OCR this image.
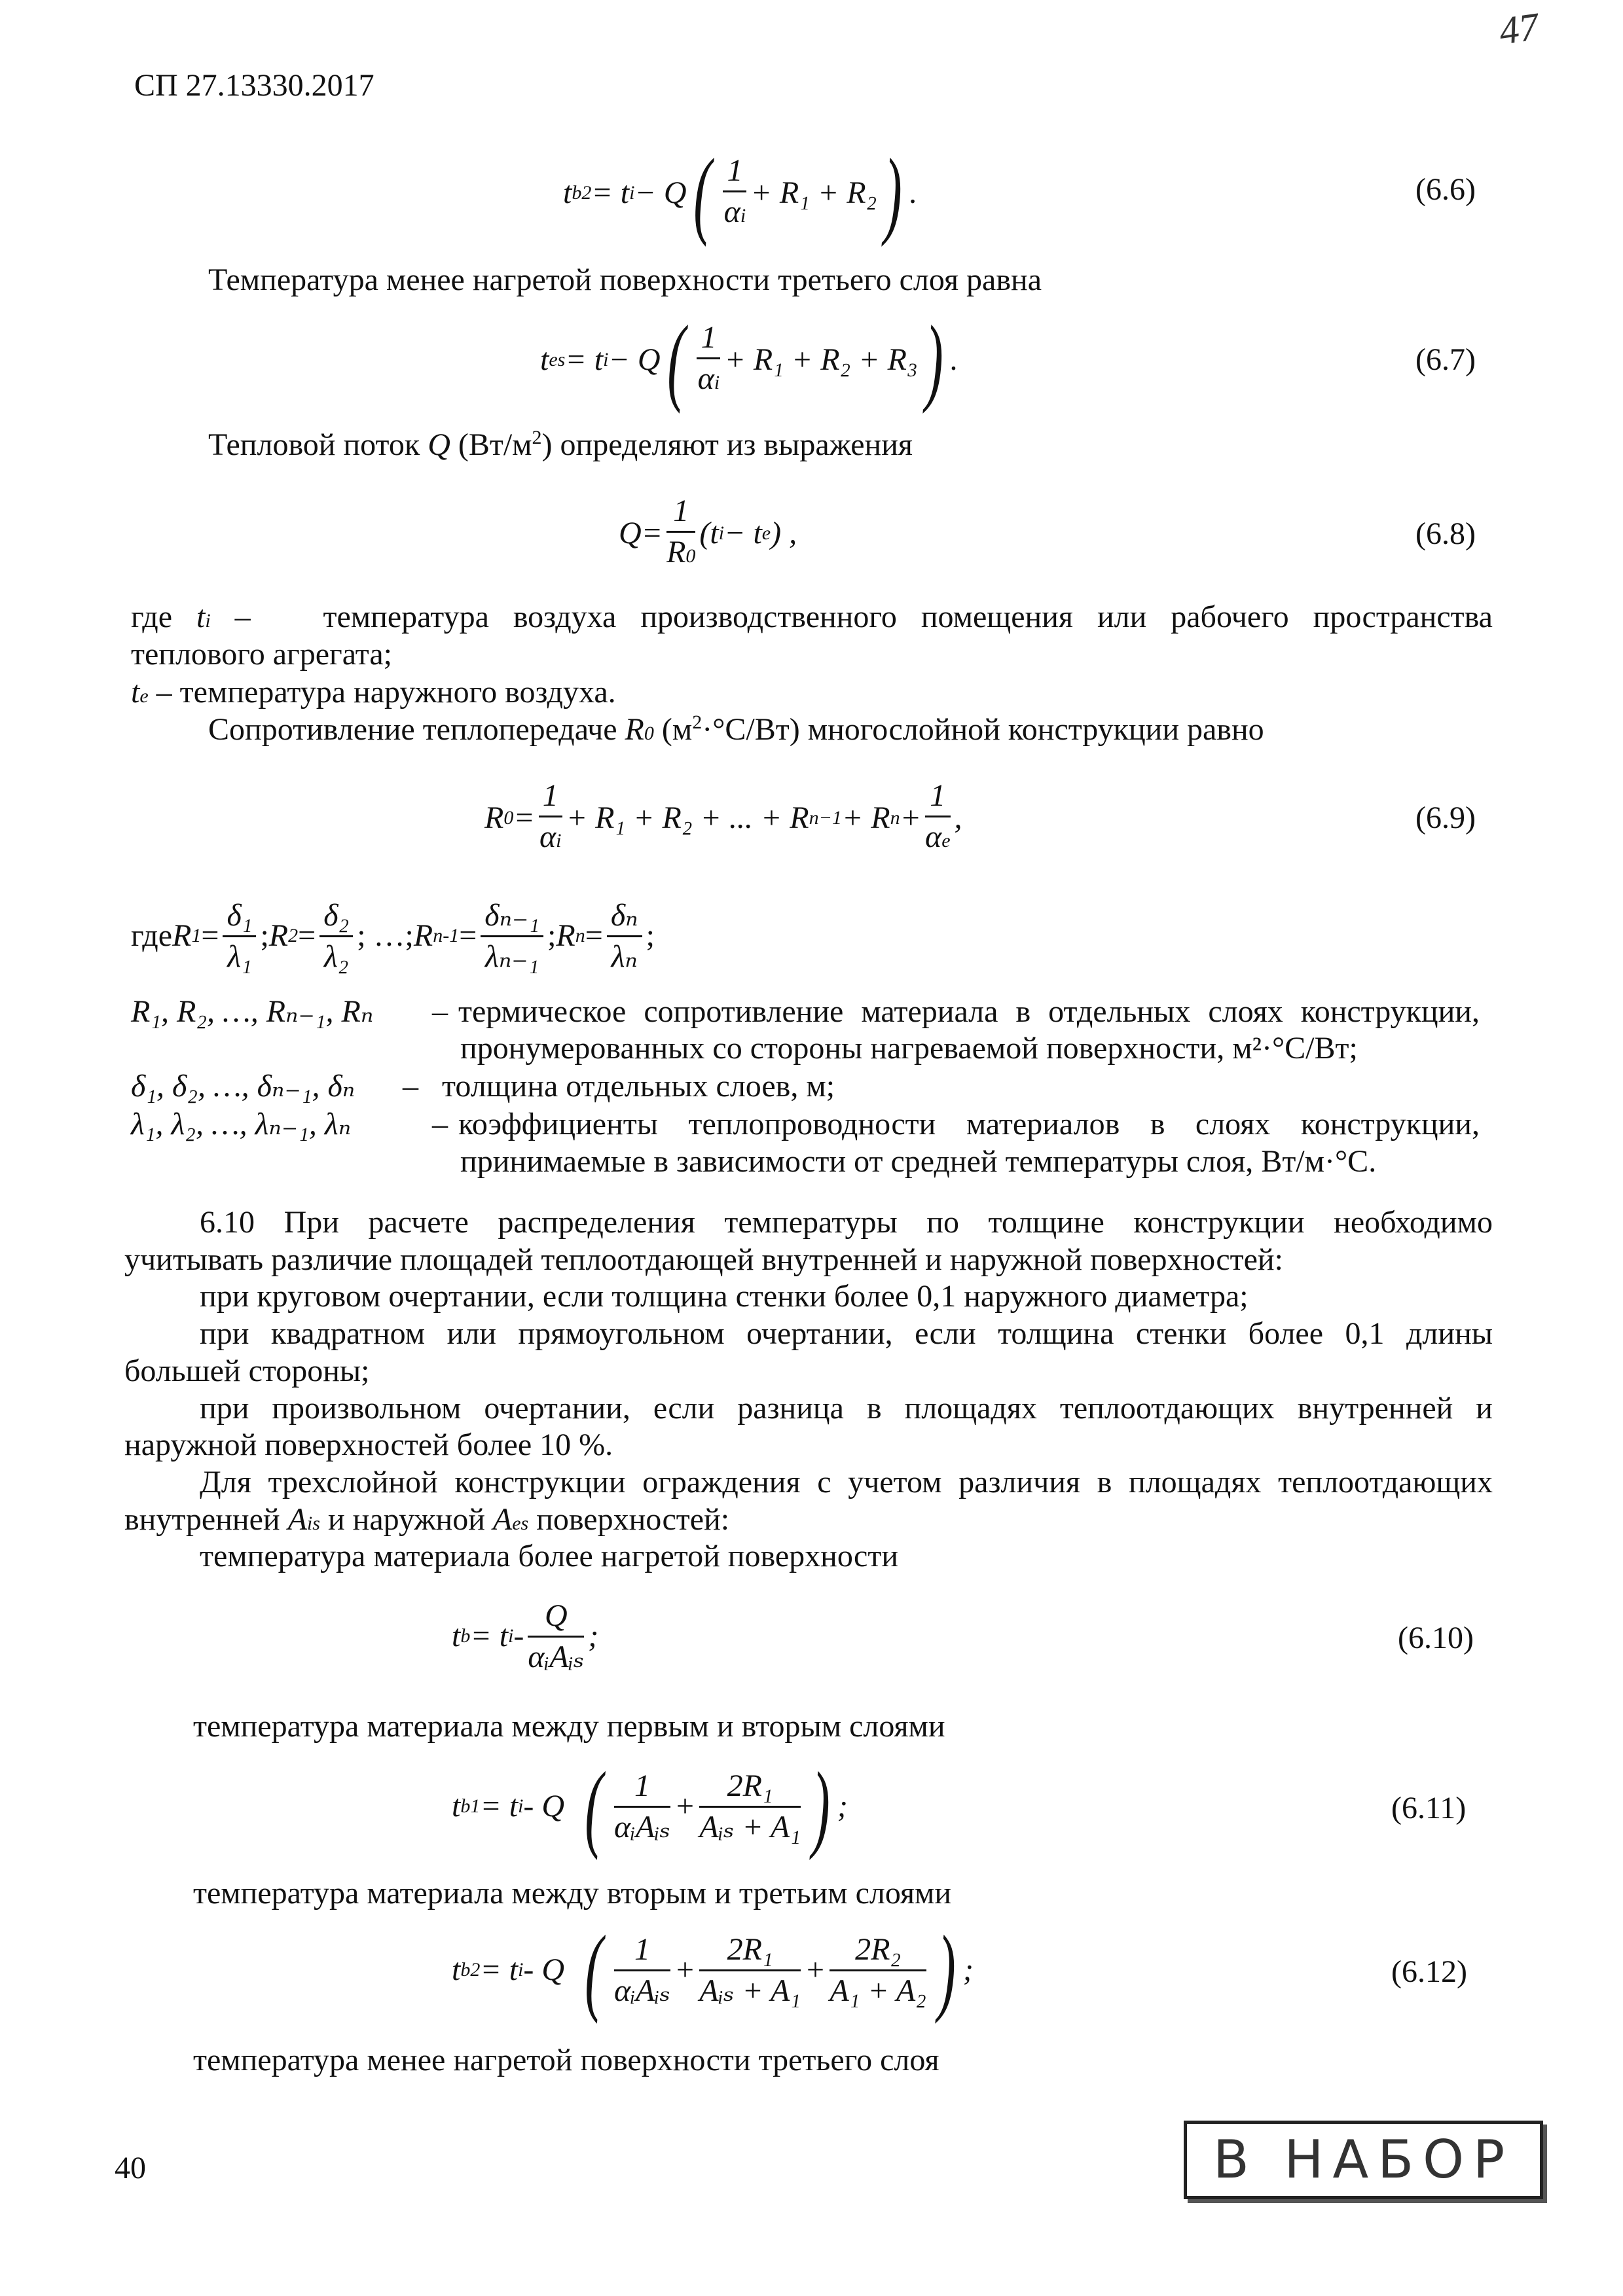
СП 27.13330.2017
47
t b2 = t i − Q ( $\frac{1}{\alpha i} + R_1 + R_2$ ) .	(6.6)
Температура менее нагретой поверхности третьего слоя равна
t es = t i − Q ( $\frac{1}{\alpha i} + R_1 + R_2 + R_3$ ) .	(6.7)
Тепловой поток Q $(Вт/м^2)$ определяют из выражения
$Q = \frac{1}{R0} (t$ i − t e ) ,	(6.8)
где ti –   температура воздуха производственного помещения или рабочего пространства
теплового агрегата;
te – температура наружного воздуха.
Сопротивление теплопередаче R0 $(м^2\cdot^\circ С/Вт)$ многослойной конструкции равно
R $0 = \frac{1}{\alpha i} + R_1 + R_2$ + ... + R n−1 + R $n + \frac{1}{\alpha e}$ ,	(6.9)
где R $1 = \frac{\text{δ₁}}{\text{λ₁}}$ ; R $2 = \frac{\text{δ₂}}{\text{λ₂}}$ ; …; R $n-1 = \frac{\text{δₙ₋₁}}{\text{λₙ₋₁}}$ ; R $n = \frac{\text{δₙ}}{\text{λₙ}}$ ;
R₁, R₂, …, Rₙ₋₁, Rₙ – термическое сопротивление материала в отдельных слоях конструкции,
пронумерованных со стороны нагреваемой поверхности, м²·°С/Вт;
δ₁, δ₂, …, δₙ₋₁, δₙ – толщина отдельных слоев, м;
λ₁, λ₂, …, λₙ₋₁, λₙ	– коэффициенты теплопроводности материалов в слоях конструкции,
принимаемые в зависимости от средней температуры слоя, Вт/м·°С.
6.10 При расчете распределения температуры по толщине конструкции необходимо
учитывать различие площадей теплоотдающей внутренней и наружной поверхностей:
при круговом очертании, если толщина стенки более 0,1 наружного диаметра;
при квадратном или прямоугольном очертании, если толщина стенки более 0,1 длины
большей стороны;
при произвольном очертании, если разница в площадях теплоотдающих внутренней и
наружной поверхностей более 10 %.
Для трехслойной конструкции ограждения с учетом различия в площадях теплоотдающих
внутренней Ais и наружной Aes поверхностей:
температура материала более нагретой поверхности
t b = t i - $\frac{Q}{\text{αᵢAᵢₛ}}$ ;	(6.10)
температура материала между первым и вторым слоями
t b1 = t i - Q ( $\frac{1}{\text{αᵢAᵢₛ}} + \frac{\text{2R₁}}{\text{Aᵢₛ + A₁}}$ ) ;	(6.11)
температура материала между вторым и третьим слоями
t b2 = t i - Q ( $\frac{1}{\text{αᵢAᵢₛ}} + \frac{\text{2R₁}}{\text{Aᵢₛ + A₁}} + \frac{\text{2R₂}}{\text{A₁ + A₂}}$ ) ;	(6.12)
температура менее нагретой поверхности третьего слоя
40	В НАБОР
